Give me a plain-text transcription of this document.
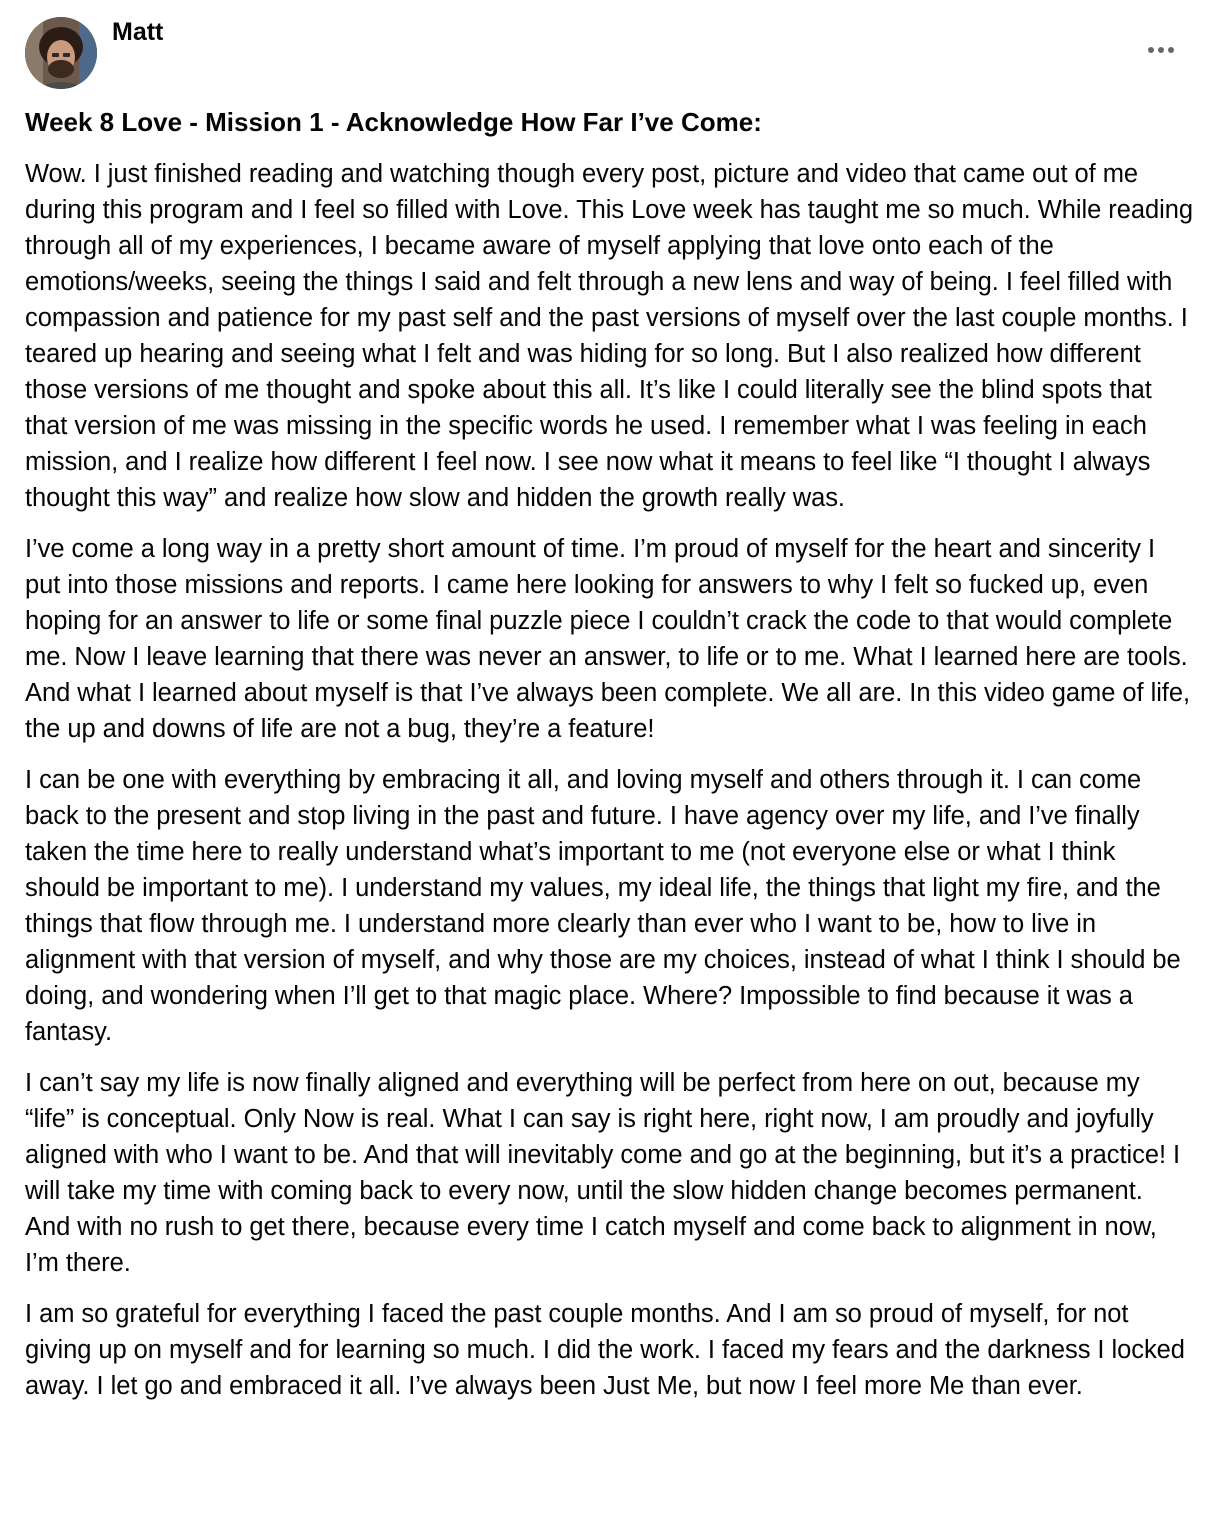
Matt
Week 8 Love - Mission 1 - Acknowledge How Far I’ve Come:

Wow. I just finished reading and watching though every post, picture and video that came out of me during this program and I feel so filled with Love. This Love week has taught me so much. While reading through all of my experiences, I became aware of myself applying that love onto each of the emotions/weeks, seeing the things I said and felt through a new lens and way of being. I feel filled with compassion and patience for my past self and the past versions of myself over the last couple months. I teared up hearing and seeing what I felt and was hiding for so long. But I also realized how different those versions of me thought and spoke about this all. It’s like I could literally see the blind spots that that version of me was missing in the specific words he used. I remember what I was feeling in each mission, and I realize how different I feel now. I see now what it means to feel like “I thought I always thought this way” and realize how slow and hidden the growth really was.

I’ve come a long way in a pretty short amount of time. I’m proud of myself for the heart and sincerity I put into those missions and reports. I came here looking for answers to why I felt so fucked up, even hoping for an answer to life or some final puzzle piece I couldn’t crack the code to that would complete me. Now I leave learning that there was never an answer, to life or to me. What I learned here are tools. And what I learned about myself is that I’ve always been complete. We all are. In this video game of life, the up and downs of life are not a bug, they’re a feature!

I can be one with everything by embracing it all, and loving myself and others through it. I can come back to the present and stop living in the past and future. I have agency over my life, and I’ve finally taken the time here to really understand what’s important to me (not everyone else or what I think should be important to me). I understand my values, my ideal life, the things that light my fire, and the things that flow through me. I understand more clearly than ever who I want to be, how to live in alignment with that version of myself, and why those are my choices, instead of what I think I should be doing, and wondering when I’ll get to that magic place. Where? Impossible to find because it was a fantasy.

I can’t say my life is now finally aligned and everything will be perfect from here on out, because my “life” is conceptual. Only Now is real. What I can say is right here, right now, I am proudly and joyfully aligned with who I want to be. And that will inevitably come and go at the beginning, but it’s a practice! I will take my time with coming back to every now, until the slow hidden change becomes permanent. And with no rush to get there, because every time I catch myself and come back to alignment in now, I’m there.

I am so grateful for everything I faced the past couple months. And I am so proud of myself, for not giving up on myself and for learning so much. I did the work. I faced my fears and the darkness I locked away. I let go and embraced it all. I’ve always been Just Me, but now I feel more Me than ever.
